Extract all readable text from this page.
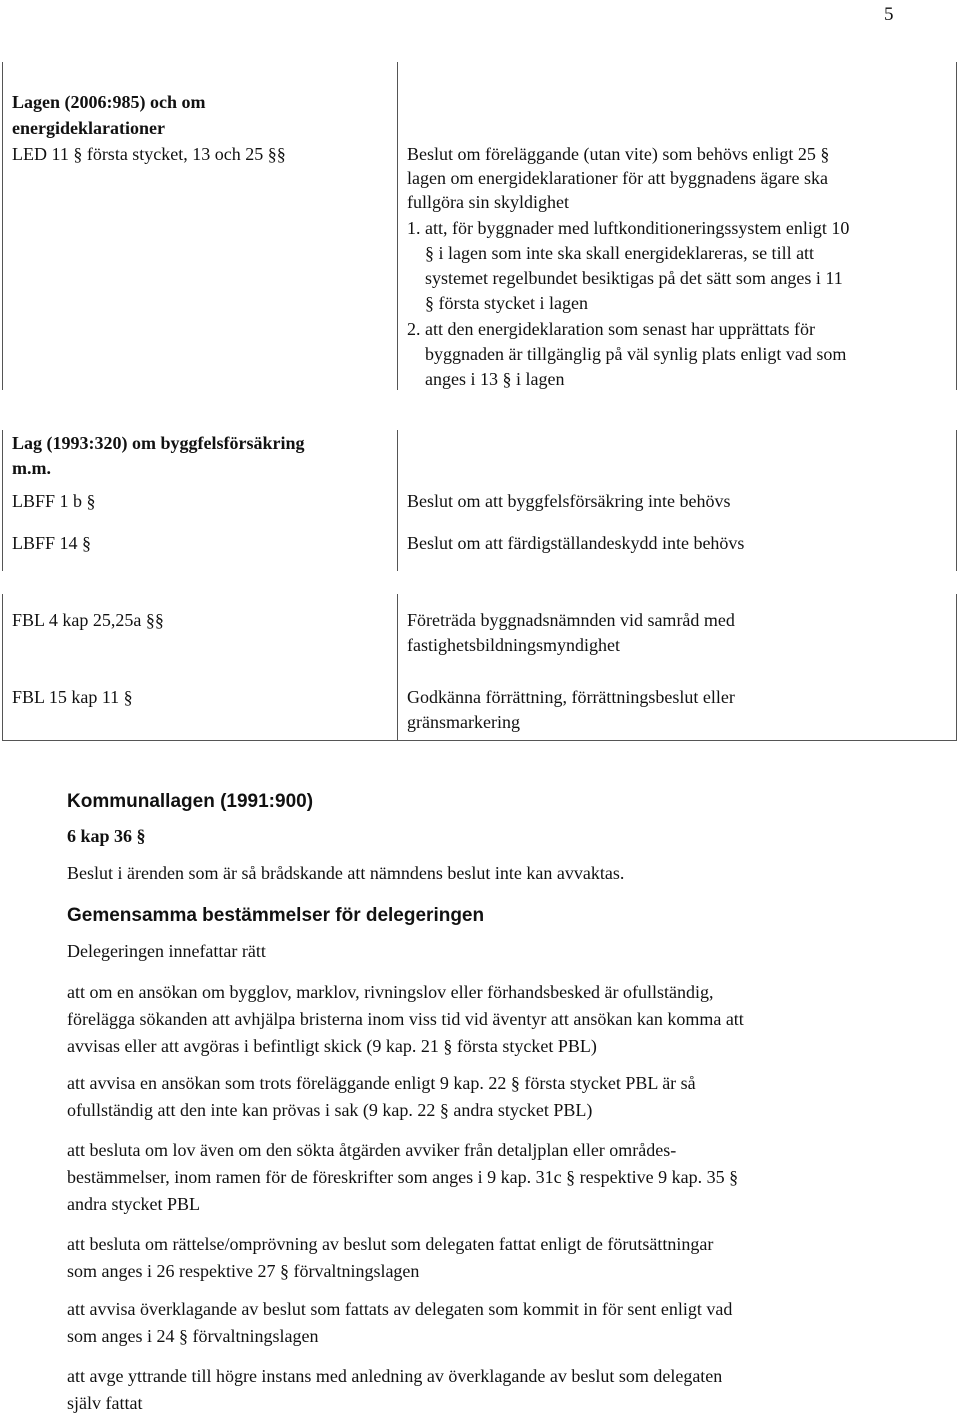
5
Lagen (2006:985) och om
energideklarationer
LED 11 § första stycket, 13 och 25 §§	Beslut om föreläggande (utan vite) som behövs enligt 25 §
lagen om energideklarationer för att byggnadens ägare ska
fullgöra sin skyldighet
1. att, för byggnader med luftkonditioneringssystem enligt 10
§ i lagen som inte ska skall energideklareras, se till att
systemet regelbundet besiktigas på det sätt som anges i 11
§ första stycket i lagen
2. att den energideklaration som senast har upprättats för
byggnaden är tillgänglig på väl synlig plats enligt vad som
anges i 13 § i lagen
Lag (1993:320) om byggfelsförsäkring
m.m.
LBFF 1 b §	Beslut om att byggfelsförsäkring inte behövs
LBFF 14 §	Beslut om att färdigställandeskydd inte behövs
FBL 4 kap 25,25a §§	Företräda byggnadsnämnden vid samråd med
fastighetsbildningsmyndighet
FBL 15 kap 11 §	Godkänna förrättning, förrättningsbeslut eller
gränsmarkering
Kommunallagen (1991:900)
6 kap 36 §
Beslut i ärenden som är så brådskande att nämndens beslut inte kan avvaktas.
Gemensamma bestämmelser för delegeringen
Delegeringen innefattar rätt
att om en ansökan om bygglov, marklov, rivningslov eller förhandsbesked är ofullständig,
förelägga sökanden att avhjälpa bristerna inom viss tid vid äventyr att ansökan kan komma att
avvisas eller att avgöras i befintligt skick (9 kap. 21 § första stycket PBL)
att avvisa en ansökan som trots föreläggande enligt 9 kap. 22 § första stycket PBL är så
ofullständig att den inte kan prövas i sak (9 kap. 22 § andra stycket PBL)
att besluta om lov även om den sökta åtgärden avviker från detaljplan eller områdes-
bestämmelser, inom ramen för de föreskrifter som anges i 9 kap. 31c § respektive 9 kap. 35 §
andra stycket PBL
att besluta om rättelse/omprövning av beslut som delegaten fattat enligt de förutsättningar
som anges i 26 respektive 27 § förvaltningslagen
att avvisa överklagande av beslut som fattats av delegaten som kommit in för sent enligt vad
som anges i 24 § förvaltningslagen
att avge yttrande till högre instans med anledning av överklagande av beslut som delegaten
själv fattat
